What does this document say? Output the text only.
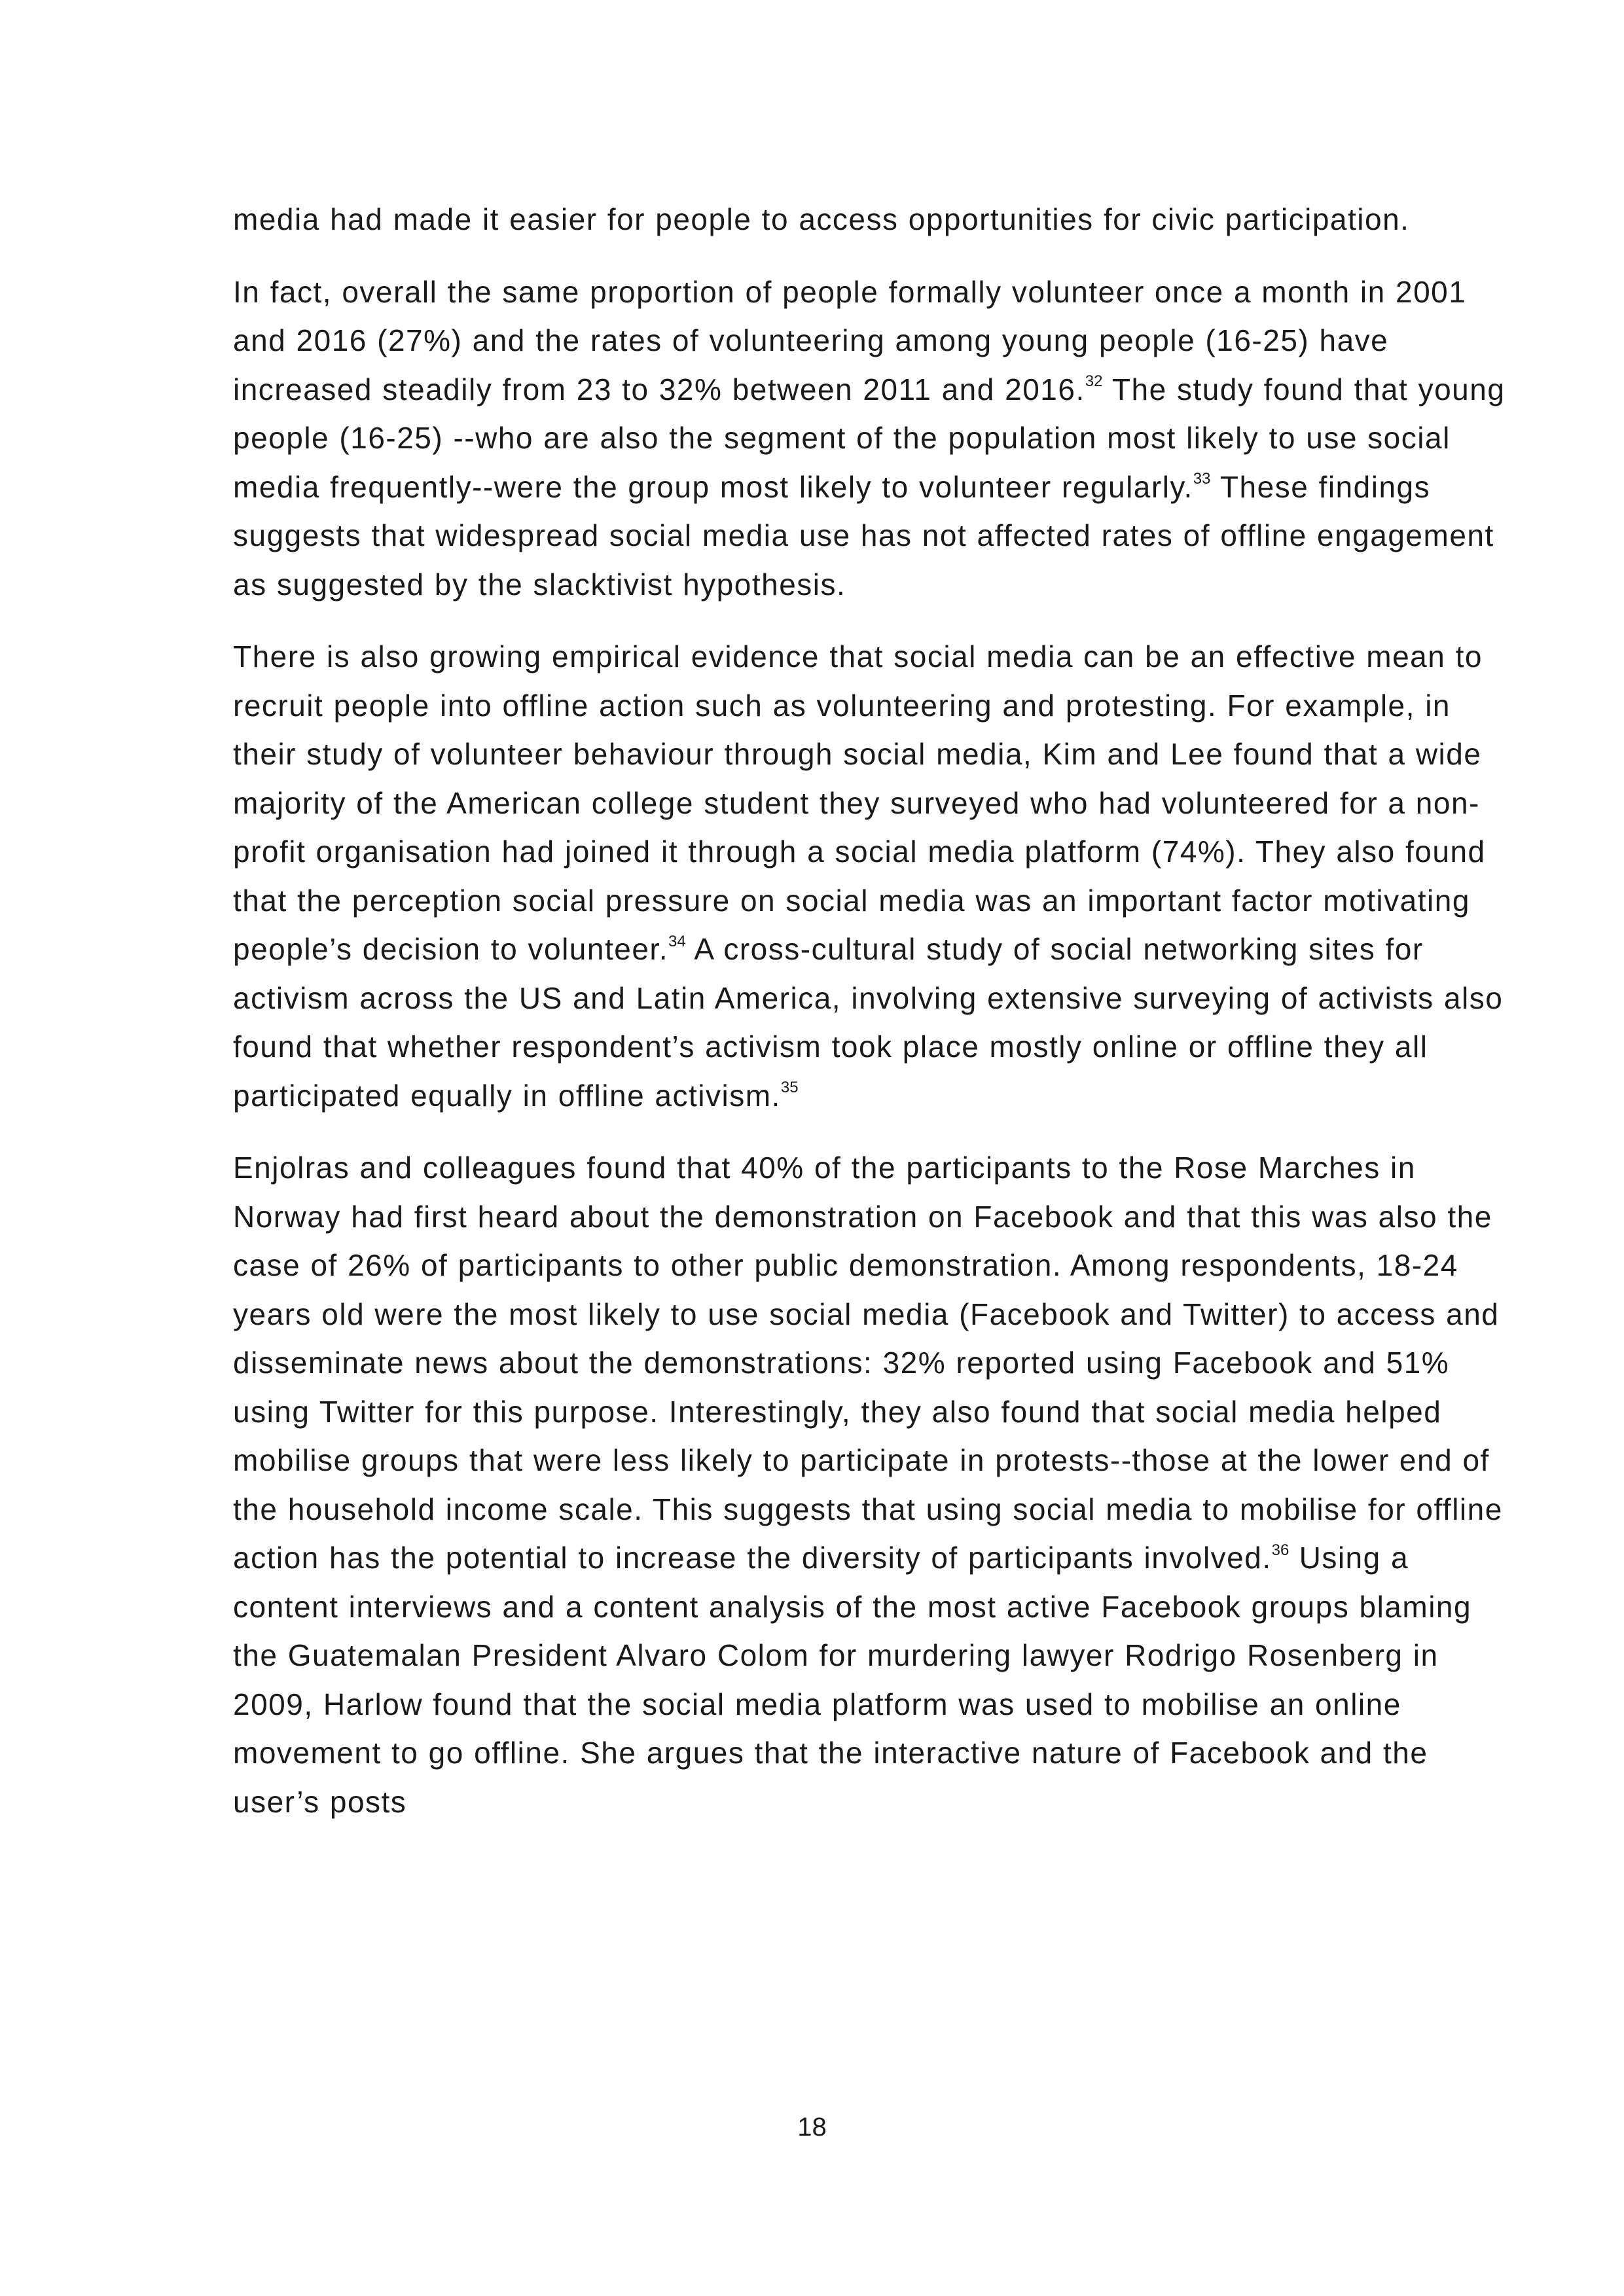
media had made it easier for people to access opportunities for civic participation.

In fact, overall the same proportion of people formally volunteer once a month in 2001 and 2016 (27%) and the rates of volunteering among young people (16-25) have increased steadily from 23 to 32% between 2011 and 2016.32 The study found that young people (16-25) --who are also the segment of the population most likely to use social media frequently--were the group most likely to volunteer regularly.$^{33}$ These findings suggests that widespread social media use has not affected rates of offline engagement as suggested by the slacktivist hypothesis.

There is also growing empirical evidence that social media can be an effective mean to recruit people into offline action such as volunteering and protesting. For example, in their study of volunteer behaviour through social media, Kim and Lee found that a wide majority of the American college student they surveyed who had volunteered for a non-profit organisation had joined it through a social media platform (74%). They also found that the perception social pressure on social media was an important factor motivating people’s decision to volunteer.$^{34}$ A cross-cultural study of social networking sites for activism across the US and Latin America, involving extensive surveying of activists also found that whether respondent’s activism took place mostly online or offline they all participated equally in offline activism.$^{35}$

Enjolras and colleagues found that 40% of the participants to the Rose Marches in Norway had first heard about the demonstration on Facebook and that this was also the case of 26% of participants to other public demonstration. Among respondents, 18-24 years old were the most likely to use social media (Facebook and Twitter) to access and disseminate news about the demonstrations: 32% reported using Facebook and 51% using Twitter for this purpose. Interestingly, they also found that social media helped mobilise groups that were less likely to participate in protests--those at the lower end of the household income scale. This suggests that using social media to mobilise for offline action has the potential to increase the diversity of participants involved.$^{36}$ Using a content interviews and a content analysis of the most active Facebook groups blaming the Guatemalan President Alvaro Colom for murdering lawyer Rodrigo Rosenberg in 2009, Harlow found that the social media platform was used to mobilise an online movement to go offline. She argues that the interactive nature of Facebook and the user’s posts

18
